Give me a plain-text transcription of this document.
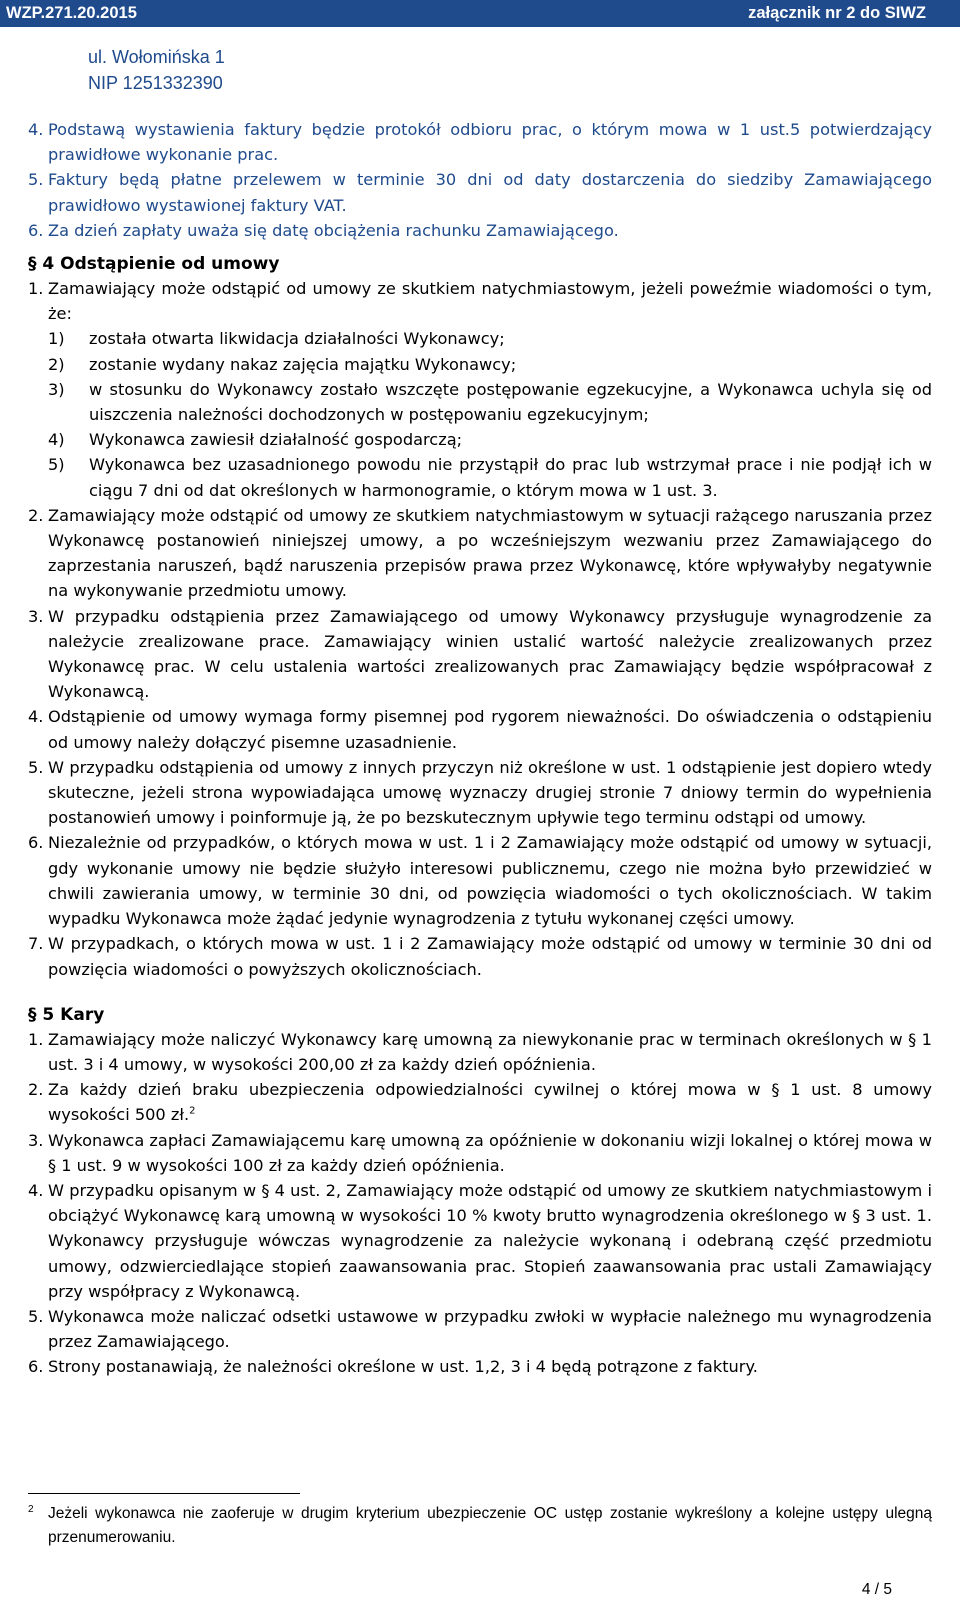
WZP.271.20.2015	załącznik nr 2 do SIWZ
ul. Wołomińska 1
NIP 1251332390

4. Podstawą wystawienia faktury będzie protokół odbioru prac, o którym mowa w 1 ust.5 potwierdzający prawidłowe wykonanie prac.

5. Faktury będą płatne przelewem w terminie 30 dni od daty dostarczenia do siedziby Zamawiającego prawidłowo wystawionej faktury VAT.

6. Za dzień zapłaty uważa się datę obciążenia rachunku Zamawiającego.

§ 4 Odstąpienie od umowy

1. Zamawiający może odstąpić od umowy ze skutkiem natychmiastowym, jeżeli poweźmie wiadomości o tym, że:

1) została otwarta likwidacja działalności Wykonawcy;

2) zostanie wydany nakaz zajęcia majątku Wykonawcy;

3) w stosunku do Wykonawcy zostało wszczęte postępowanie egzekucyjne, a Wykonawca uchyla się od uiszczenia należności dochodzonych w postępowaniu egzekucyjnym;

4) Wykonawca zawiesił działalność gospodarczą;

5) Wykonawca bez uzasadnionego powodu nie przystąpił do prac lub wstrzymał prace i nie podjął ich w ciągu 7 dni od dat określonych w harmonogramie, o którym mowa w 1 ust. 3.

2. Zamawiający może odstąpić od umowy ze skutkiem natychmiastowym w sytuacji rażącego naruszania przez Wykonawcę postanowień niniejszej umowy, a po wcześniejszym wezwaniu przez Zamawiającego do zaprzestania naruszeń, bądź naruszenia przepisów prawa przez Wykonawcę, które wpływałyby negatywnie na wykonywanie przedmiotu umowy.

3. W przypadku odstąpienia przez Zamawiającego od umowy Wykonawcy przysługuje wynagrodzenie za należycie zrealizowane prace. Zamawiający winien ustalić wartość należycie zrealizowanych przez Wykonawcę prac. W celu ustalenia wartości zrealizowanych prac Zamawiający będzie współpracował z Wykonawcą.

4. Odstąpienie od umowy wymaga formy pisemnej pod rygorem nieważności. Do oświadczenia o odstąpieniu od umowy należy dołączyć pisemne uzasadnienie.

5. W przypadku odstąpienia od umowy z innych przyczyn niż określone w ust. 1 odstąpienie jest dopiero wtedy skuteczne, jeżeli strona wypowiadająca umowę wyznaczy drugiej stronie 7 dniowy termin do wypełnienia postanowień umowy i poinformuje ją, że po bezskutecznym upływie tego terminu odstąpi od umowy.

6. Niezależnie od przypadków, o których mowa w ust. 1 i 2 Zamawiający może odstąpić od umowy w sytuacji, gdy wykonanie umowy nie będzie służyło interesowi publicznemu, czego nie można było przewidzieć w chwili zawierania umowy, w terminie 30 dni, od powzięcia wiadomości o tych okolicznościach. W takim wypadku Wykonawca może żądać jedynie wynagrodzenia z tytułu wykonanej części umowy.

7. W przypadkach, o których mowa w ust. 1 i 2 Zamawiający może odstąpić od umowy w terminie 30 dni od powzięcia wiadomości o powyższych okolicznościach.

§ 5 Kary

1. Zamawiający może naliczyć Wykonawcy karę umowną za niewykonanie prac w terminach określonych w § 1 ust. 3 i 4 umowy, w wysokości 200,00 zł za każdy dzień opóźnienia.

2. Za każdy dzień braku ubezpieczenia odpowiedzialności cywilnej o której mowa w § 1 ust. 8 umowy wysokości 500 zł.$^2$

3. Wykonawca zapłaci Zamawiającemu karę umowną za opóźnienie w dokonaniu wizji lokalnej o której mowa w § 1 ust. 9 w wysokości 100 zł za każdy dzień opóźnienia.

4. W przypadku opisanym w § 4 ust. 2, Zamawiający może odstąpić od umowy ze skutkiem natychmiastowym i obciążyć Wykonawcę karą umowną w wysokości 10 % kwoty brutto wynagrodzenia określonego w § 3 ust. 1. Wykonawcy przysługuje wówczas wynagrodzenie za należycie wykonaną i odebraną część przedmiotu umowy, odzwierciedlające stopień zaawansowania prac. Stopień zaawansowania prac ustali Zamawiający przy współpracy z Wykonawcą.

5. Wykonawca może naliczać odsetki ustawowe w przypadku zwłoki w wypłacie należnego mu wynagrodzenia przez Zamawiającego.

6. Strony postanawiają, że należności określone w ust. 1,2, 3 i 4 będą potrązone z faktury.

2 Jeżeli wykonawca nie zaoferuje w drugim kryterium ubezpieczenie OC ustęp zostanie wykreślony a kolejne ustępy ulegną przenumerowaniu.
4 / 5
